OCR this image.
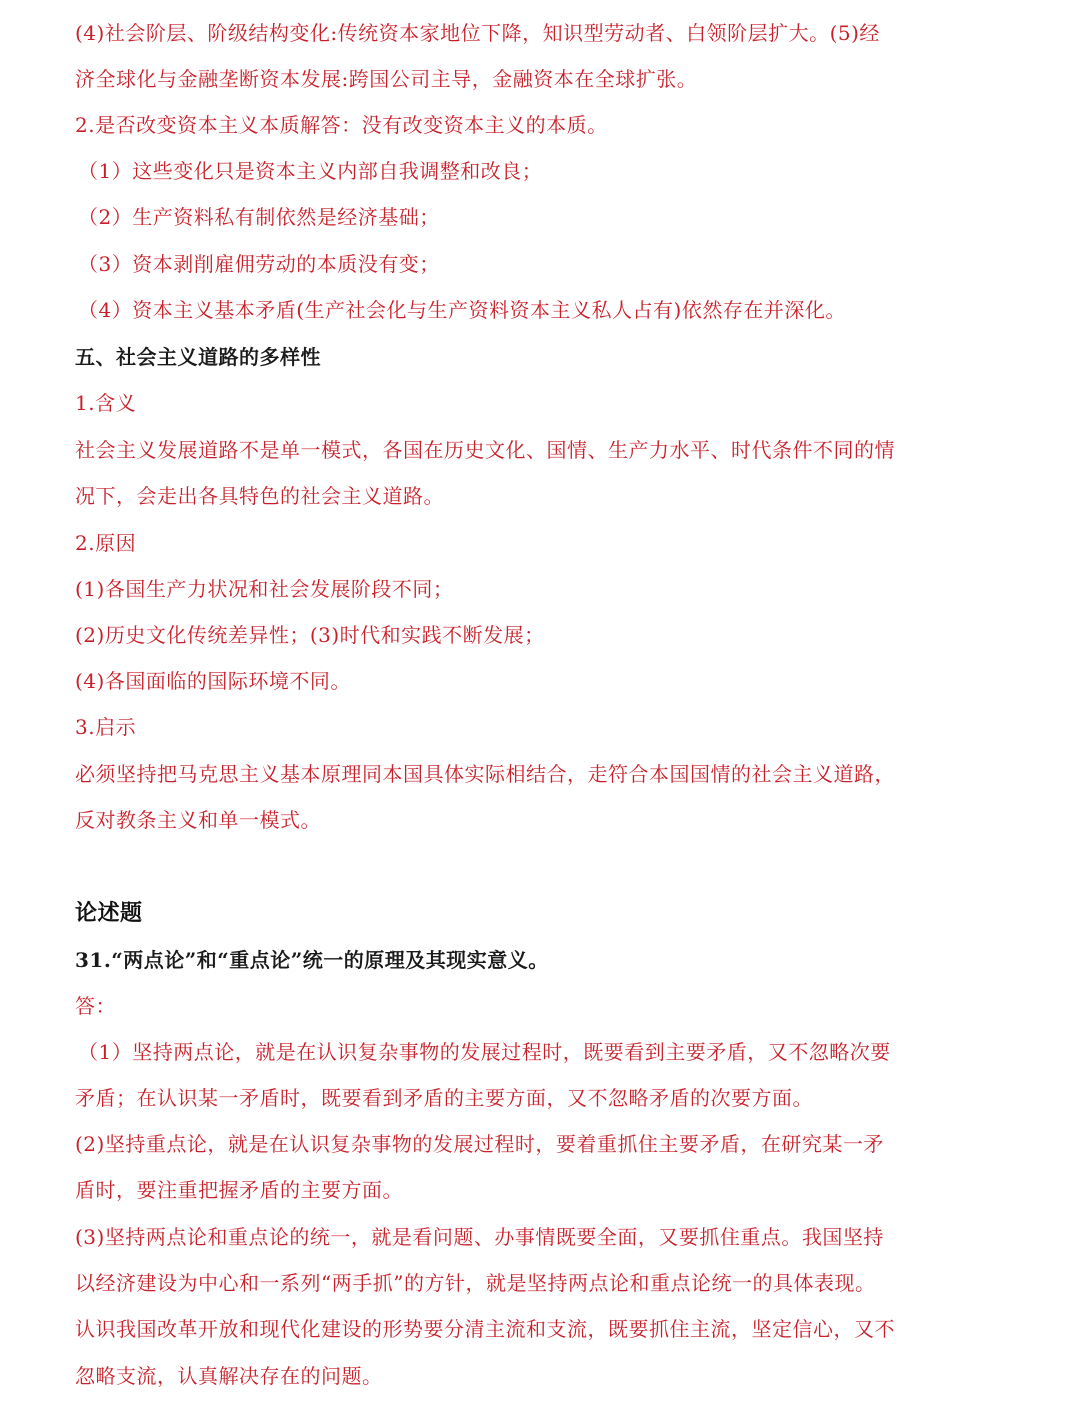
(4)社会阶层、阶级结构变化:传统资本家地位下降，知识型劳动者、白领阶层扩大。(5)经
济全球化与金融垄断资本发展:跨国公司主导，金融资本在全球扩张。
2.是否改变资本主义本质解答：没有改变资本主义的本质。
（1）这些变化只是资本主义内部自我调整和改良；
（2）生产资料私有制依然是经济基础；
（3）资本剥削雇佣劳动的本质没有变；
（4）资本主义基本矛盾(生产社会化与生产资料资本主义私人占有)依然存在并深化。
五、社会主义道路的多样性
1.含义
社会主义发展道路不是单一模式，各国在历史文化、国情、生产力水平、时代条件不同的情
况下，会走出各具特色的社会主义道路。
2.原因
(1)各国生产力状况和社会发展阶段不同；
(2)历史文化传统差异性；(3)时代和实践不断发展；
(4)各国面临的国际环境不同。
3.启示
必须坚持把马克思主义基本原理同本国具体实际相结合，走符合本国国情的社会主义道路，
反对教条主义和单一模式。
论述题
31.“两点论”和“重点论”统一的原理及其现实意义。
答：
（1）坚持两点论，就是在认识复杂事物的发展过程时，既要看到主要矛盾，又不忽略次要
矛盾；在认识某一矛盾时，既要看到矛盾的主要方面，又不忽略矛盾的次要方面。
(2)坚持重点论，就是在认识复杂事物的发展过程时，要着重抓住主要矛盾，在研究某一矛
盾时，要注重把握矛盾的主要方面。
(3)坚持两点论和重点论的统一，就是看问题、办事情既要全面，又要抓住重点。我国坚持
以经济建设为中心和一系列“两手抓”的方针，就是坚持两点论和重点论统一的具体表现。
认识我国改革开放和现代化建设的形势要分清主流和支流，既要抓住主流，坚定信心，又不
忽略支流，认真解决存在的问题。
